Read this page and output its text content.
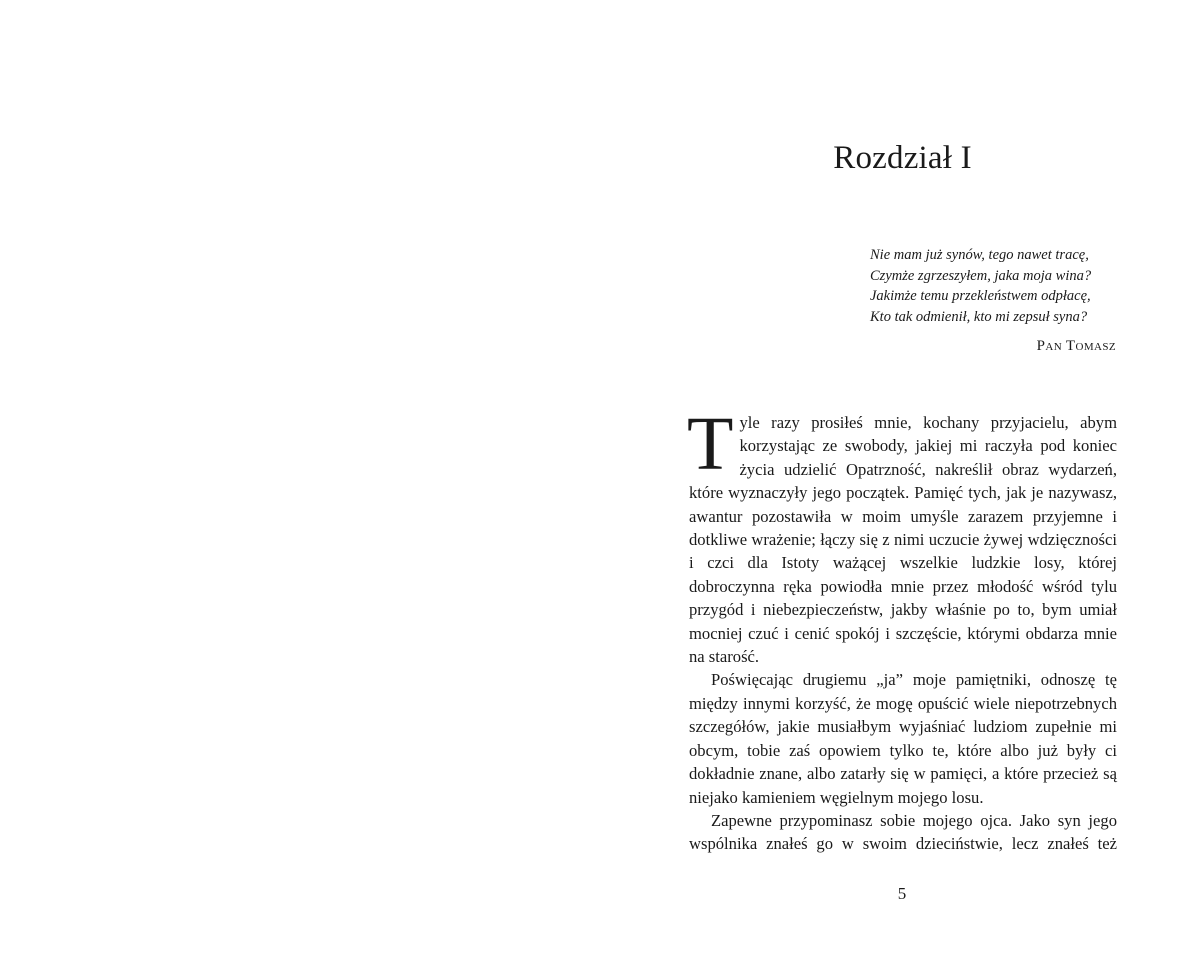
Rozdział I
Nie mam już synów, tego nawet tracę,
Czymże zgrzeszyłem, jaka moja wina?
Jakimże temu przekleństwem odpłacę,
Kto tak odmienił, kto mi zepsuł syna?
Pan Tomasz

Tyle razy prosiłeś mnie, kochany przyjacielu, abym korzystając ze swobody, jakiej mi raczyła pod koniec życia udzielić Opatrzność, nakreślił obraz wydarzeń, które wyznaczyły jego początek. Pamięć tych, jak je nazywasz, awantur pozostawiła w moim umyśle zarazem przyjemne i dotkliwe wrażenie; łączy się z nimi uczucie żywej wdzięczności i czci dla Istoty ważącej wszelkie ludzkie losy, której dobroczynna ręka powiodła mnie przez młodość wśród tylu przygód i niebezpieczeństw, jakby właśnie po to, bym umiał mocniej czuć i cenić spokój i szczęście, którymi obdarza mnie na starość.

Poświęcając drugiemu „ja” moje pamiętniki, odnoszę tę między innymi korzyść, że mogę opuścić wiele niepotrzebnych szczegółów, jakie musiałbym wyjaśniać ludziom zupełnie mi obcym, tobie zaś opowiem tylko te, które albo już były ci dokładnie znane, albo zatarły się w pamięci, a które przecież są niejako kamieniem węgielnym mojego losu.

Zapewne przypominasz sobie mojego ojca. Jako syn jego wspólnika znałeś go w swoim dzieciństwie, lecz znałeś też

5
